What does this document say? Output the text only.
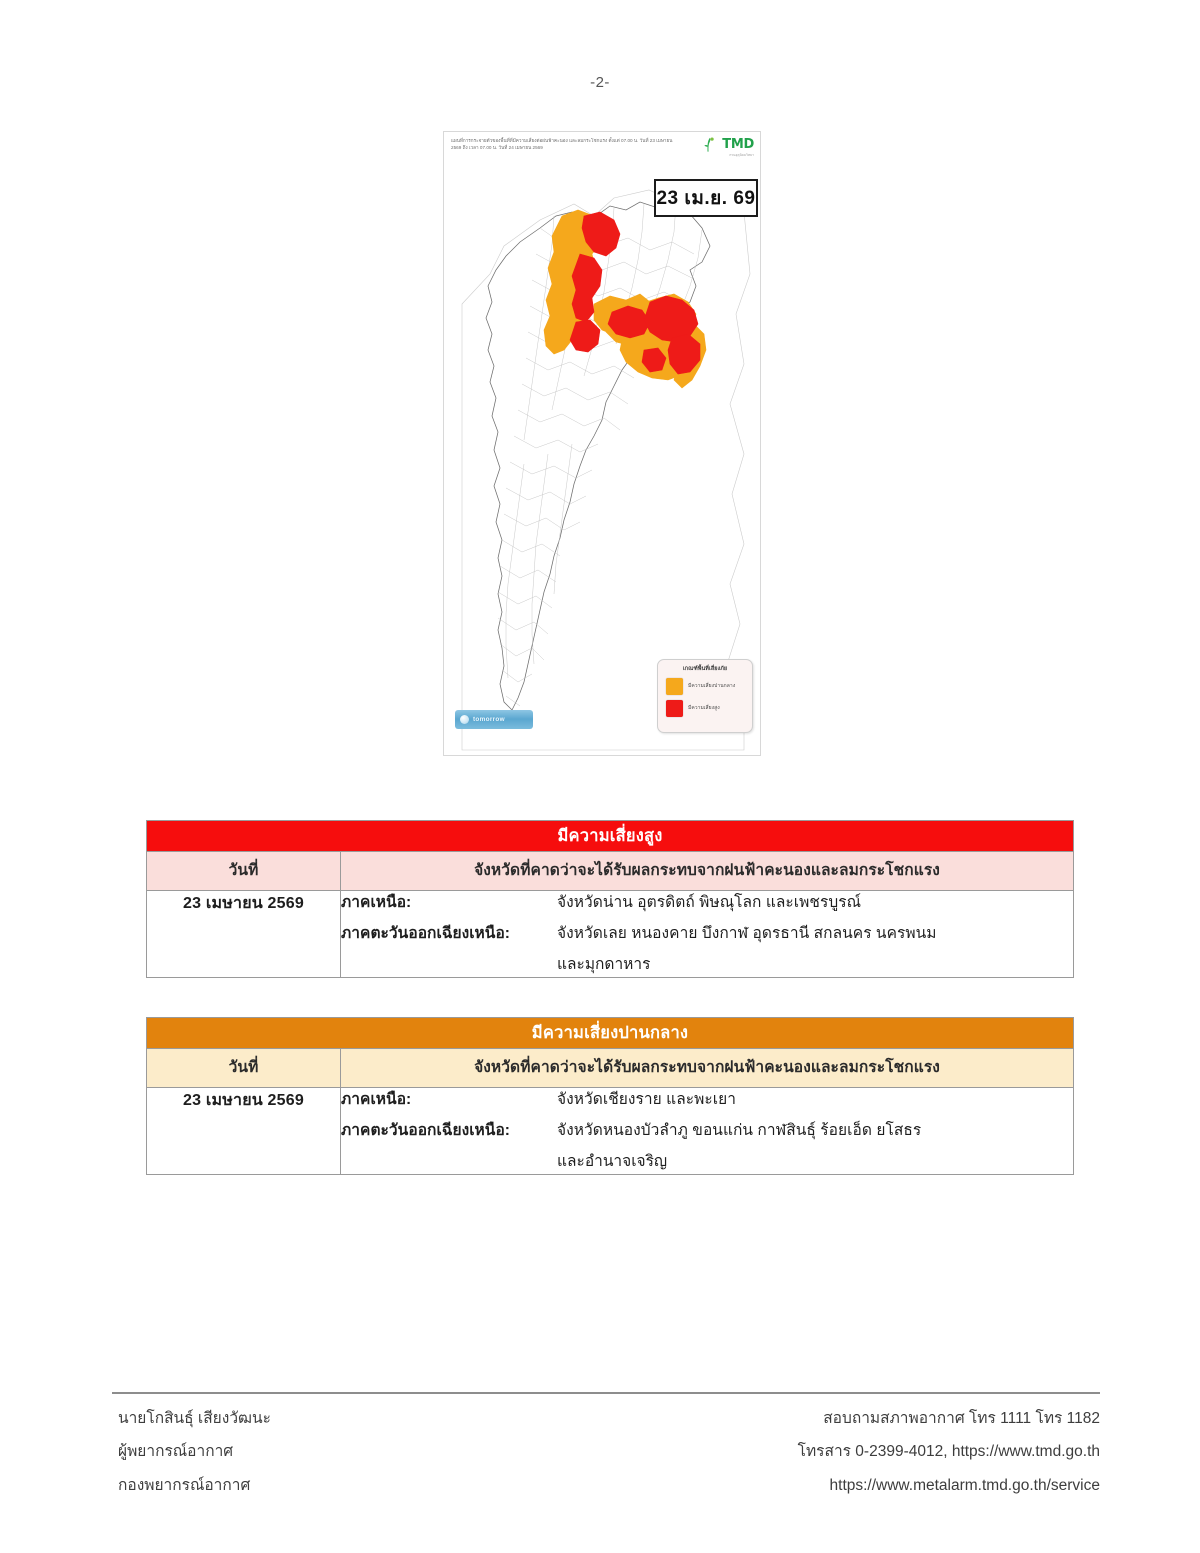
-2-
แผนที่การกระจายตัวของพื้นที่ที่มีความเสี่ยงต่อฝนฟ้าคะนอง และลมกระโชกแรง ตั้งแต่ 07.00 น. วันที่ 23 เมษายน 2569 ถึง เวลา 07.00 น. วันที่ 24 เมษายน 2569	TMD
กรมอุตุนิยมวิทยา
23 เม.ย. 69
เกณฑ์พื้นที่เสี่ยงภัย
มีความเสี่ยงปานกลาง
มีความเสี่ยงสูง
tomorrow
มีความเสี่ยงสูง	
วันที่	จังหวัดที่คาดว่าจะได้รับผลกระทบจากฝนฟ้าคะนองและลมกระโชกแรง
23 เมษายน 2569	ภาคเหนือ: จังหวัดน่าน อุตรดิตถ์ พิษณุโลก และเพชรบูรณ์
ภาคตะวันออกเฉียงเหนือ: จังหวัดเลย หนองคาย บึงกาฬ อุดรธานี สกลนคร นครพนม
และมุกดาหาร
มีความเสี่ยงปานกลาง	
วันที่	จังหวัดที่คาดว่าจะได้รับผลกระทบจากฝนฟ้าคะนองและลมกระโชกแรง
23 เมษายน 2569	ภาคเหนือ: จังหวัดเชียงราย และพะเยา
ภาคตะวันออกเฉียงเหนือ: จังหวัดหนองบัวลำภู ขอนแก่น กาฬสินธุ์ ร้อยเอ็ด ยโสธร
และอำนาจเจริญ
นายโกสินธุ์ เสียงวัฒนะ
ผู้พยากรณ์อากาศ
กองพยากรณ์อากาศ
สอบถามสภาพอากาศ โทร 1111 โทร 1182
โทรสาร 0-2399-4012, https://www.tmd.go.th
https://www.metalarm.tmd.go.th/service
